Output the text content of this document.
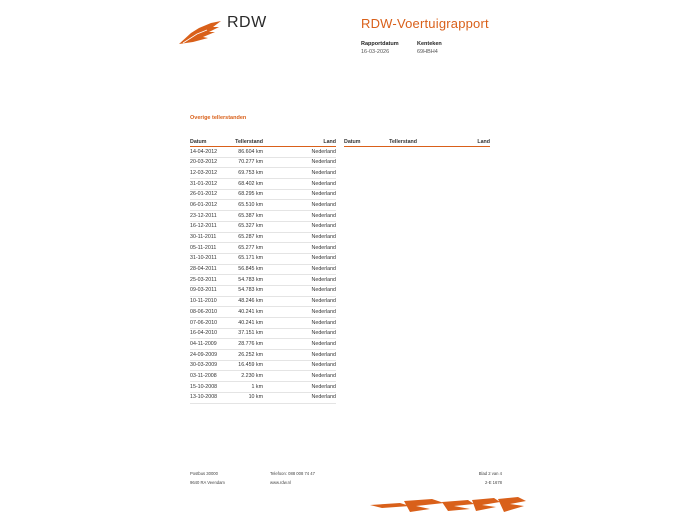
RDW	RDW-Voertuigrapport
Rapportdatum
16-03-2026
Kenteken
69HBH4
Overige tellerstanden
Datum	Tellerstand	Land
14-04-2012	86.604 km	Nederland
20-03-2012	70.277 km	Nederland
12-03-2012	69.753 km	Nederland
31-01-2012	68.402 km	Nederland
26-01-2012	68.295 km	Nederland
06-01-2012	65.510 km	Nederland
23-12-2011	65.387 km	Nederland
16-12-2011	65.327 km	Nederland
30-11-2011	65.287 km	Nederland
05-11-2011	65.277 km	Nederland
31-10-2011	65.171 km	Nederland
28-04-2011	56.845 km	Nederland
25-03-2011	54.783 km	Nederland
09-03-2011	54.783 km	Nederland
10-11-2010	48.246 km	Nederland
08-06-2010	40.241 km	Nederland
07-06-2010	40.241 km	Nederland
16-04-2010	37.151 km	Nederland
04-11-2009	28.776 km	Nederland
24-09-2009	26.252 km	Nederland
30-03-2009	16.459 km	Nederland
03-11-2008	2.230 km	Nederland
15-10-2008	1 km	Nederland
13-10-2008	10 km	Nederland
Datum	Tellerstand	Land
Postbus 30000
9640 RA Veendam
Telefoon: 088 008 74 47
www.rdw.nl
Blad 2 van 4
2-E 1678
